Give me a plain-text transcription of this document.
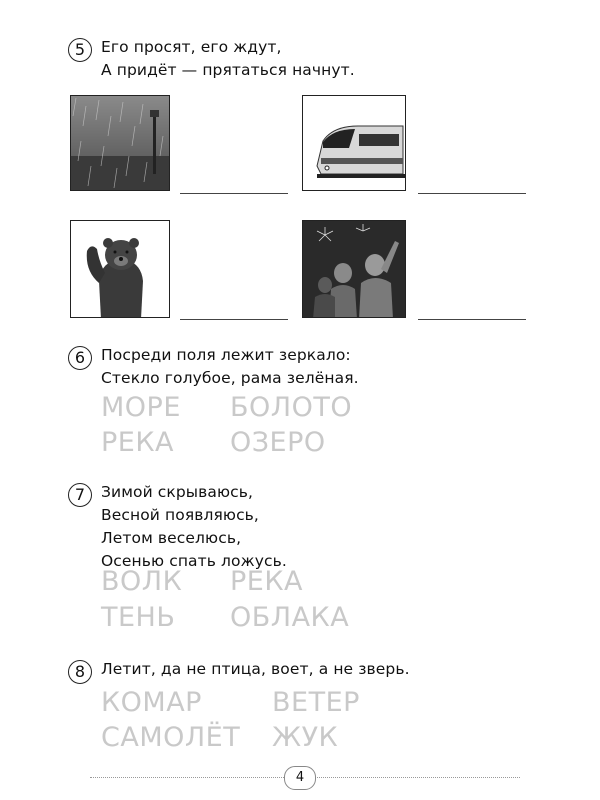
5	Его просят, его ждут,
А придёт — прятаться начнут.
6	Посреди поля лежит зеркало:
Стекло голубое, рама зелёная.
МОРЕ БОЛОТО
РЕКА ОЗЕРО
7	Зимой скрываюсь,
Весной появляюсь,
Летом веселюсь,
Осенью спать ложусь.
ВОЛК РЕКА
ТЕНЬ ОБЛАКА
8	Летит, да не птица, воет, а не зверь.
КОМАР	ВЕТЕР
САМОЛЁТ ЖУК
4
